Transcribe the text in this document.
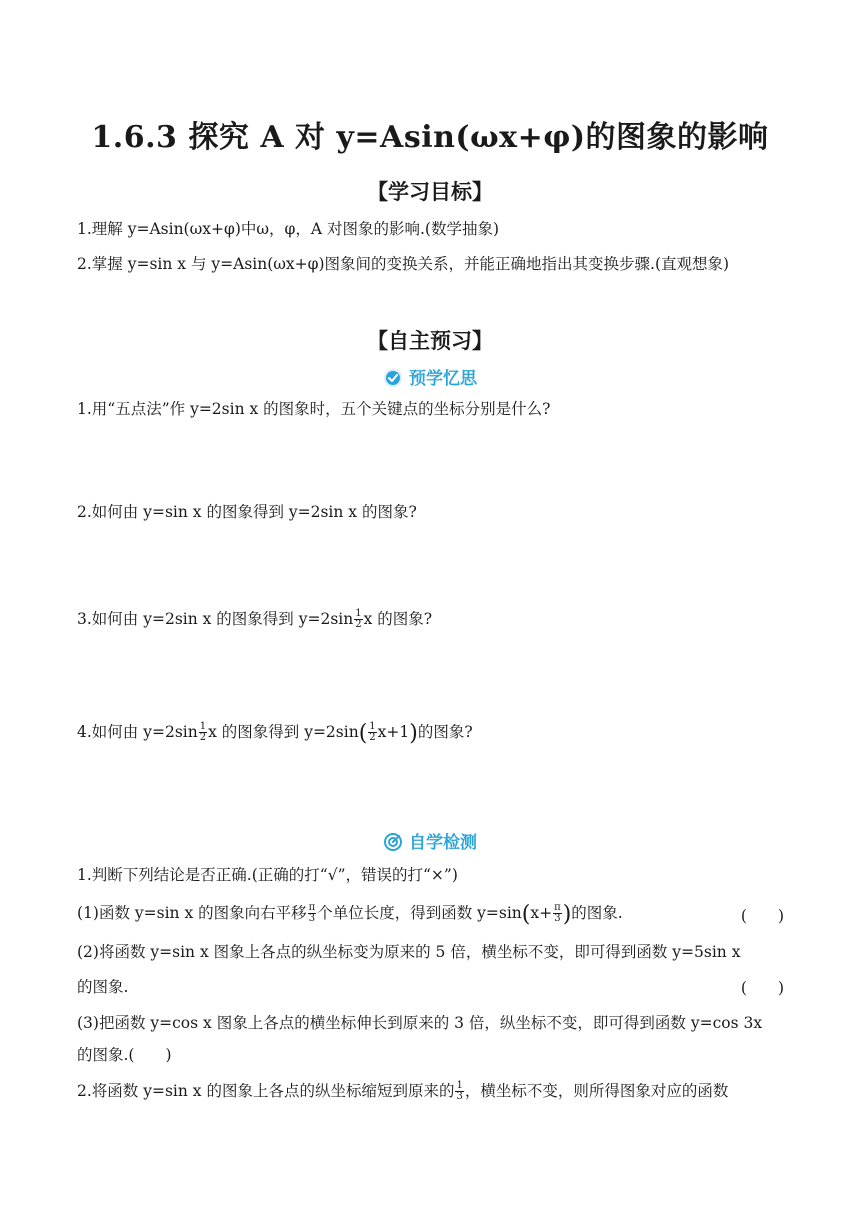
1.6.3 探究 A 对 y=Asin(ωx+φ)的图象的影响
【学习目标】
1.理解 y=Asin(ωx+φ)中ω，φ，A 对图象的影响.(数学抽象)
2.掌握 y=sin x 与 y=Asin(ωx+φ)图象间的变换关系，并能正确地指出其变换步骤.(直观想象)
【自主预习】
预学忆思
1.用“五点法”作 y=2sin x 的图象时，五个关键点的坐标分别是什么?
2.如何由 y=sin x 的图象得到 y=2sin x 的图象?
3.如何由 y=2sin x 的图象得到 $y=2\sin \frac{1}{2}$ x 的图象?
4.如何由 $y=2\sin \frac{1}{2}$ x 的图象得到 $y=2\sin( \frac{1}{2} x+1)$的图象?
自学检测
1.判断下列结论是否正确.(正确的打“√”，错误的打“×”)
(1)函数 y=sin x 的图象向右平移 $\frac{\pi}{3}$ 个单位长度，得到函数 $y=\sin(x+ \frac{\pi}{3}$ )的图象.	(　　)
(2)将函数 y=sin x 图象上各点的纵坐标变为原来的 5 倍，横坐标不变，即可得到函数 y=5sin x
的图象.	(　　)
(3)把函数 y=cos x 图象上各点的横坐标伸长到原来的 3 倍，纵坐标不变，即可得到函数 y=cos 3x
的图象.(　　)
2.将函数 y=sin x 的图象上各点的纵坐标缩短到原来的 $\frac{1}{3}$ ，横坐标不变，则所得图象对应的函数
